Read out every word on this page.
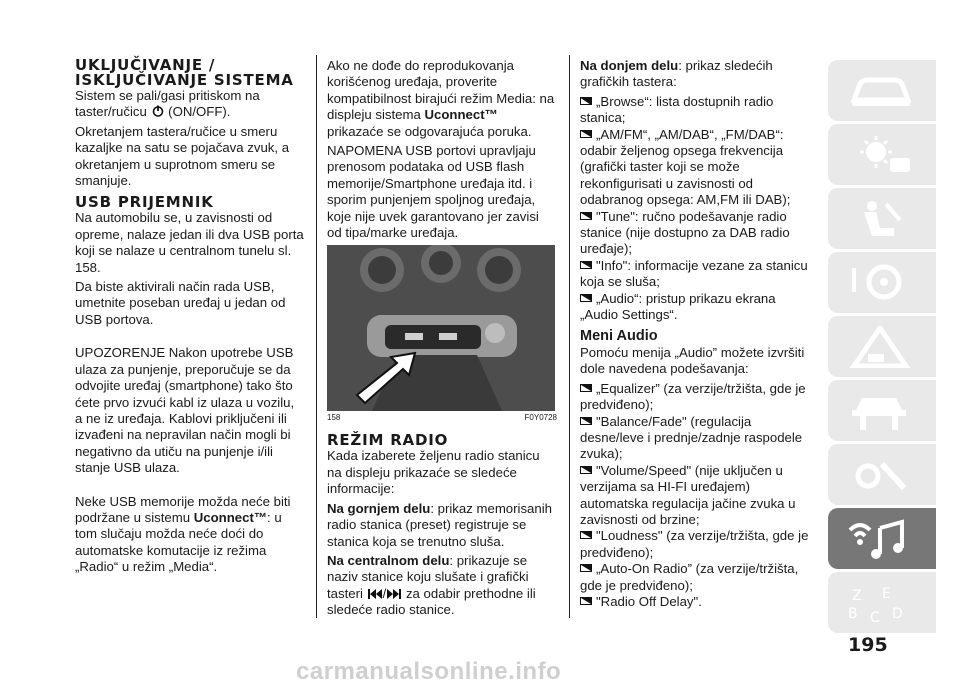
UKLJUČIVANJE / ISKLJUČIVANJE SISTEMA

Sistem se pali/gasi pritiskom na taster/ručicu (ON/OFF).

Okretanjem tastera/ručice u smeru kazaljke na satu se pojačava zvuk, a okretanjem u suprotnom smeru se smanjuje.

USB PRIJEMNIK

Na automobilu se, u zavisnosti od opreme, nalaze jedan ili dva USB porta koji se nalaze u centralnom tunelu sl. 158.

Da biste aktivirali način rada USB, umetnite poseban uređaj u jedan od USB portova.

UPOZORENJE Nakon upotrebe USB ulaza za punjenje, preporučuje se da odvojite uređaj (smartphone) tako što ćete prvo izvući kabl iz ulaza u vozilu, a ne iz uređaja. Kablovi priključeni ili izvađeni na nepravilan način mogli bi negativno da utiču na punjenje i/ili stanje USB ulaza.

Neke USB memorije možda neće biti podržane u sistemu Uconnect™: u tom slučaju možda neće doći do automatske komutacije iz režima „Radio“ u režim „Media“.

Ako ne dođe do reprodukovanja korišćenog uređaja, proverite kompatibilnost birajući režim Media: na displeju sistema Uconnect™ prikazaće se odgovarajuća poruka.

NAPOMENA USB portovi upravljaju prenosom podataka od USB flash memorije/Smartphone uređaja itd. i sporim punjenjem spoljnog uređaja, koje nije uvek garantovano jer zavisi od tipa/marke uređaja.

158	F0Y0728
REŽIM RADIO

Kada izaberete željenu radio stanicu na displeju prikazaće se sledeće informacije:

Na gornjem delu: prikaz memorisanih radio stanica (preset) registruje se stanica koja se trenutno sluša.

Na centralnom delu: prikazuje se naziv stanice koju slušate i grafički tasteri / za odabir prethodne ili sledeće radio stanice.

Na donjem delu: prikaz sledećih grafičkih tastera:

„Browse“: lista dostupnih radio stanica;
„AM/FM“, „AM/DAB“, „FM/DAB“: odabir željenog opsega frekvencija (grafički taster koji se može rekonfigurisati u zavisnosti od odabranog opsega: AM,FM ili DAB);
"Tune": ručno podešavanje radio stanice (nije dostupno za DAB radio uređaje);
"Info": informacije vezane za stanicu koja se sluša;
„Audio“: pristup prikazu ekrana „Audio Settings“.
Meni Audio

Pomoću menija „Audio” možete izvršiti dole navedena podešavanja:

„Equalizer” (za verzije/tržišta, gde je predviđeno);
"Balance/Fade" (regulacija desne/leve i prednje/zadnje raspodele zvuka);
"Volume/Speed" (nije uključen u verzijama sa HI-FI uređajem) automatska regulacija jačine zvuka u zavisnosti od brzine;
"Loudness" (za verzije/tržišta, gde je predviđeno);
„Auto-On Radio” (za verzije/tržišta, gde je predviđeno);
"Radio Off Delay".	Z E
B C D
195
carmanualsonline.info
